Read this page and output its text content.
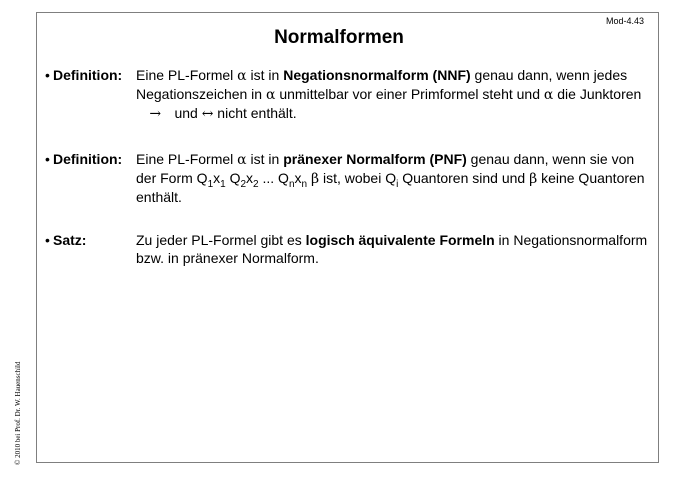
© 2010 bei Prof. Dr. W. Hauenschild
Mod-4.43
Normalformen
• Definition: Eine PL-Formel α ist in Negationsnormalform (NNF) genau dann, wenn jedes Negationszeichen in α unmittelbar vor einer Primformel steht und α die Junktoren
→   und ↔ nicht enthält.
• Definition: Eine PL-Formel α ist in pränexer Normalform (PNF) genau dann, wenn sie von der Form $Q_1x_1$ $Q_2x_2$ ... $Q_nx_n$ β ist, wobei $Q_i$ Quantoren sind und β keine Quantoren enthält.
• Satz:	Zu jeder PL-Formel gibt es logisch äquivalente Formeln in Negationsnormalform bzw. in pränexer Normalform.
